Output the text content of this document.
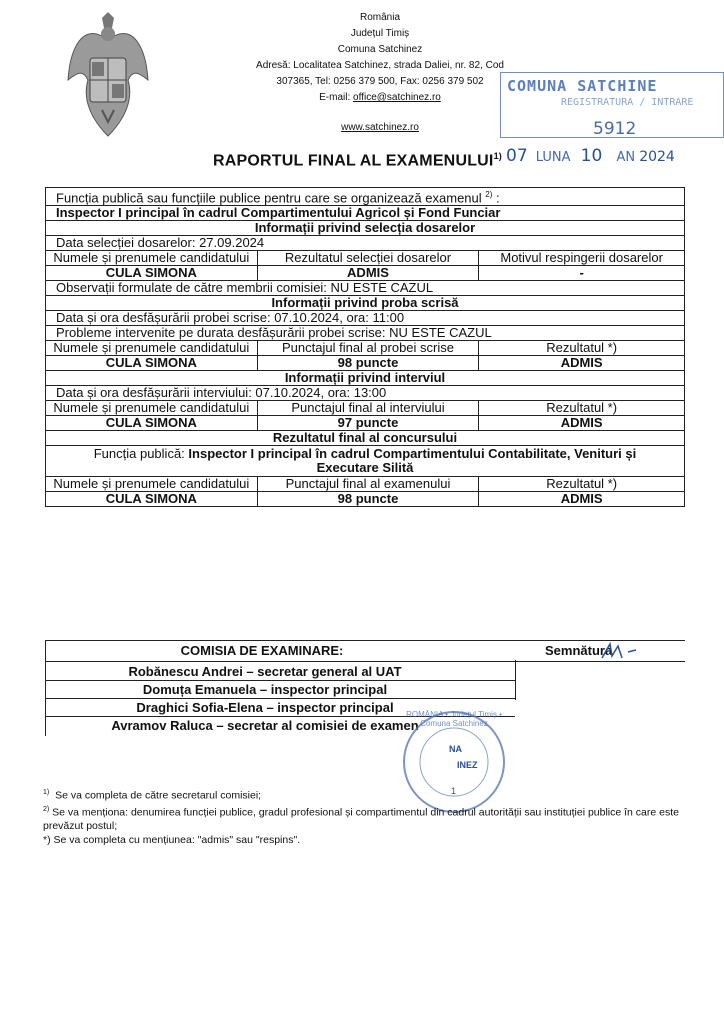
România
Județul Timiș
Comuna Satchinez
Adresă: Localitatea Satchinez, strada Daliei, nr. 82, Cod
307365, Tel: 0256 379 500, Fax: 0256 379 502
E-mail: office@satchinez.ro
www.satchinez.ro
COMUNA SATCHINE
REGISTRATURA / INTRARE
5912
RAPORTUL FINAL AL EXAMENULUI$^{1)}$ 07 LUNA 10 AN 2024
Funcția publică sau funcțiile publice pentru care se organizează examenul $^{2)}$ :		
Inspector I principal în cadrul Compartimentului Agricol și Fond Funciar		
Informații privind selecția dosarelor		
Data selecției dosarelor: 27.09.2024		
Numele și prenumele candidatului	Rezultatul selecției dosarelor	Motivul respingerii dosarelor
CULA SIMONA	ADMIS	-
Observații formulate de către membrii comisiei: NU ESTE CAZUL		
Informații privind proba scrisă		
Data și ora desfășurării probei scrise: 07.10.2024, ora: 11:00		
Probleme intervenite pe durata desfășurării probei scrise: NU ESTE CAZUL		
Numele și prenumele candidatului	Punctajul final al probei scrise	Rezultatul *)
CULA SIMONA	98 puncte	ADMIS
Informații privind interviul		
Data și ora desfășurării interviului: 07.10.2024, ora: 13:00		
Numele și prenumele candidatului	Punctajul final al interviului	Rezultatul *)
CULA SIMONA	97 puncte	ADMIS
Rezultatul final al concursului		
Funcția publică: Inspector I principal în cadrul Compartimentului Contabilitate, Venituri și Executare Silită		
Numele și prenumele candidatului	Punctajul final al examenului	Rezultatul *)
CULA SIMONA	98 puncte	ADMIS
COMISIA DE EXAMINARE:	Semnătura
Robănescu Andrei – secretar general al UAT
Domuța Emanuela – inspector principal
Draghici Sofia-Elena – inspector principal
Avramov Raluca – secretar al comisiei de examen
ROMÂNIA • Județul Timiș • Comuna Satchinez
NA
INEZ
1
$^{1)}$ Se va completa de către secretarul comisiei;
$^{2)}$ Se va menționa: denumirea funcției publice, gradul profesional și compartimentul din cadrul autorității sau instituției publice în care este prevăzut postul;
*) Se va completa cu mențiunea: "admis" sau "respins".
